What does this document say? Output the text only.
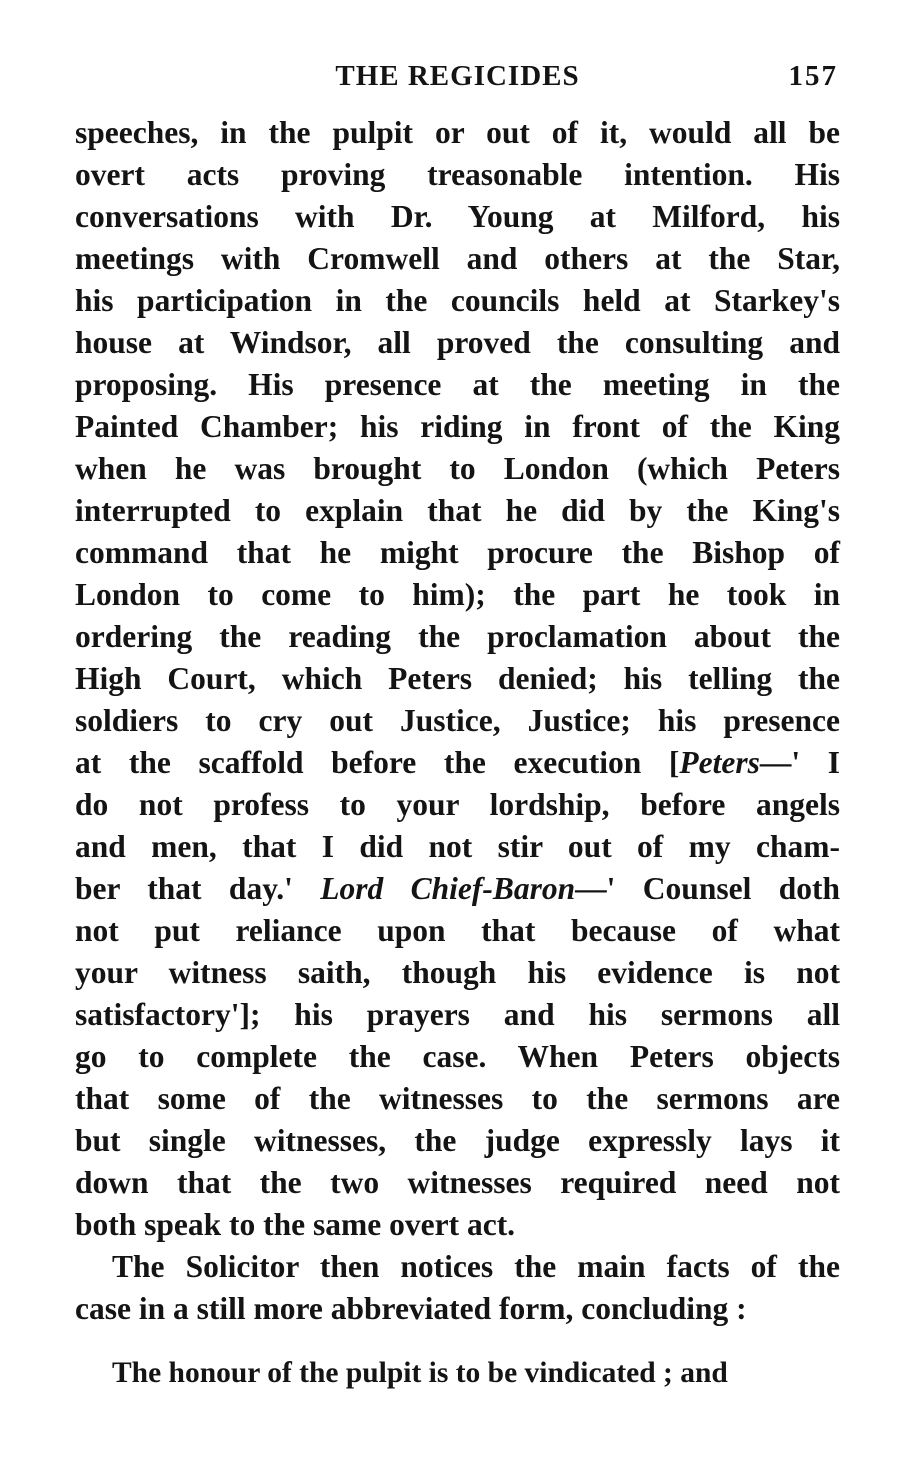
THE REGICIDES	157
speeches, in the pulpit or out of it, would all be
overt acts proving treasonable intention. His
conversations with Dr. Young at Milford, his
meetings with Cromwell and others at the Star,
his participation in the councils held at Starkey's
house at Windsor, all proved the consulting and
proposing. His presence at the meeting in the
Painted Chamber; his riding in front of the King
when he was brought to London (which Peters
interrupted to explain that he did by the King's
command that he might procure the Bishop of
London to come to him); the part he took in
ordering the reading the proclamation about the
High Court, which Peters denied; his telling the
soldiers to cry out Justice, Justice; his presence
at the scaffold before the execution [Peters—' I
do not profess to your lordship, before angels
and men, that I did not stir out of my cham-
ber that day.' Lord Chief-Baron—' Counsel doth
not put reliance upon that because of what
your witness saith, though his evidence is not
satisfactory']; his prayers and his sermons all
go to complete the case. When Peters objects
that some of the witnesses to the sermons are
but single witnesses, the judge expressly lays it
down that the two witnesses required need not
both speak to the same overt act.
The Solicitor then notices the main facts of the
case in a still more abbreviated form, concluding :
The honour of the pulpit is to be vindicated ; and
